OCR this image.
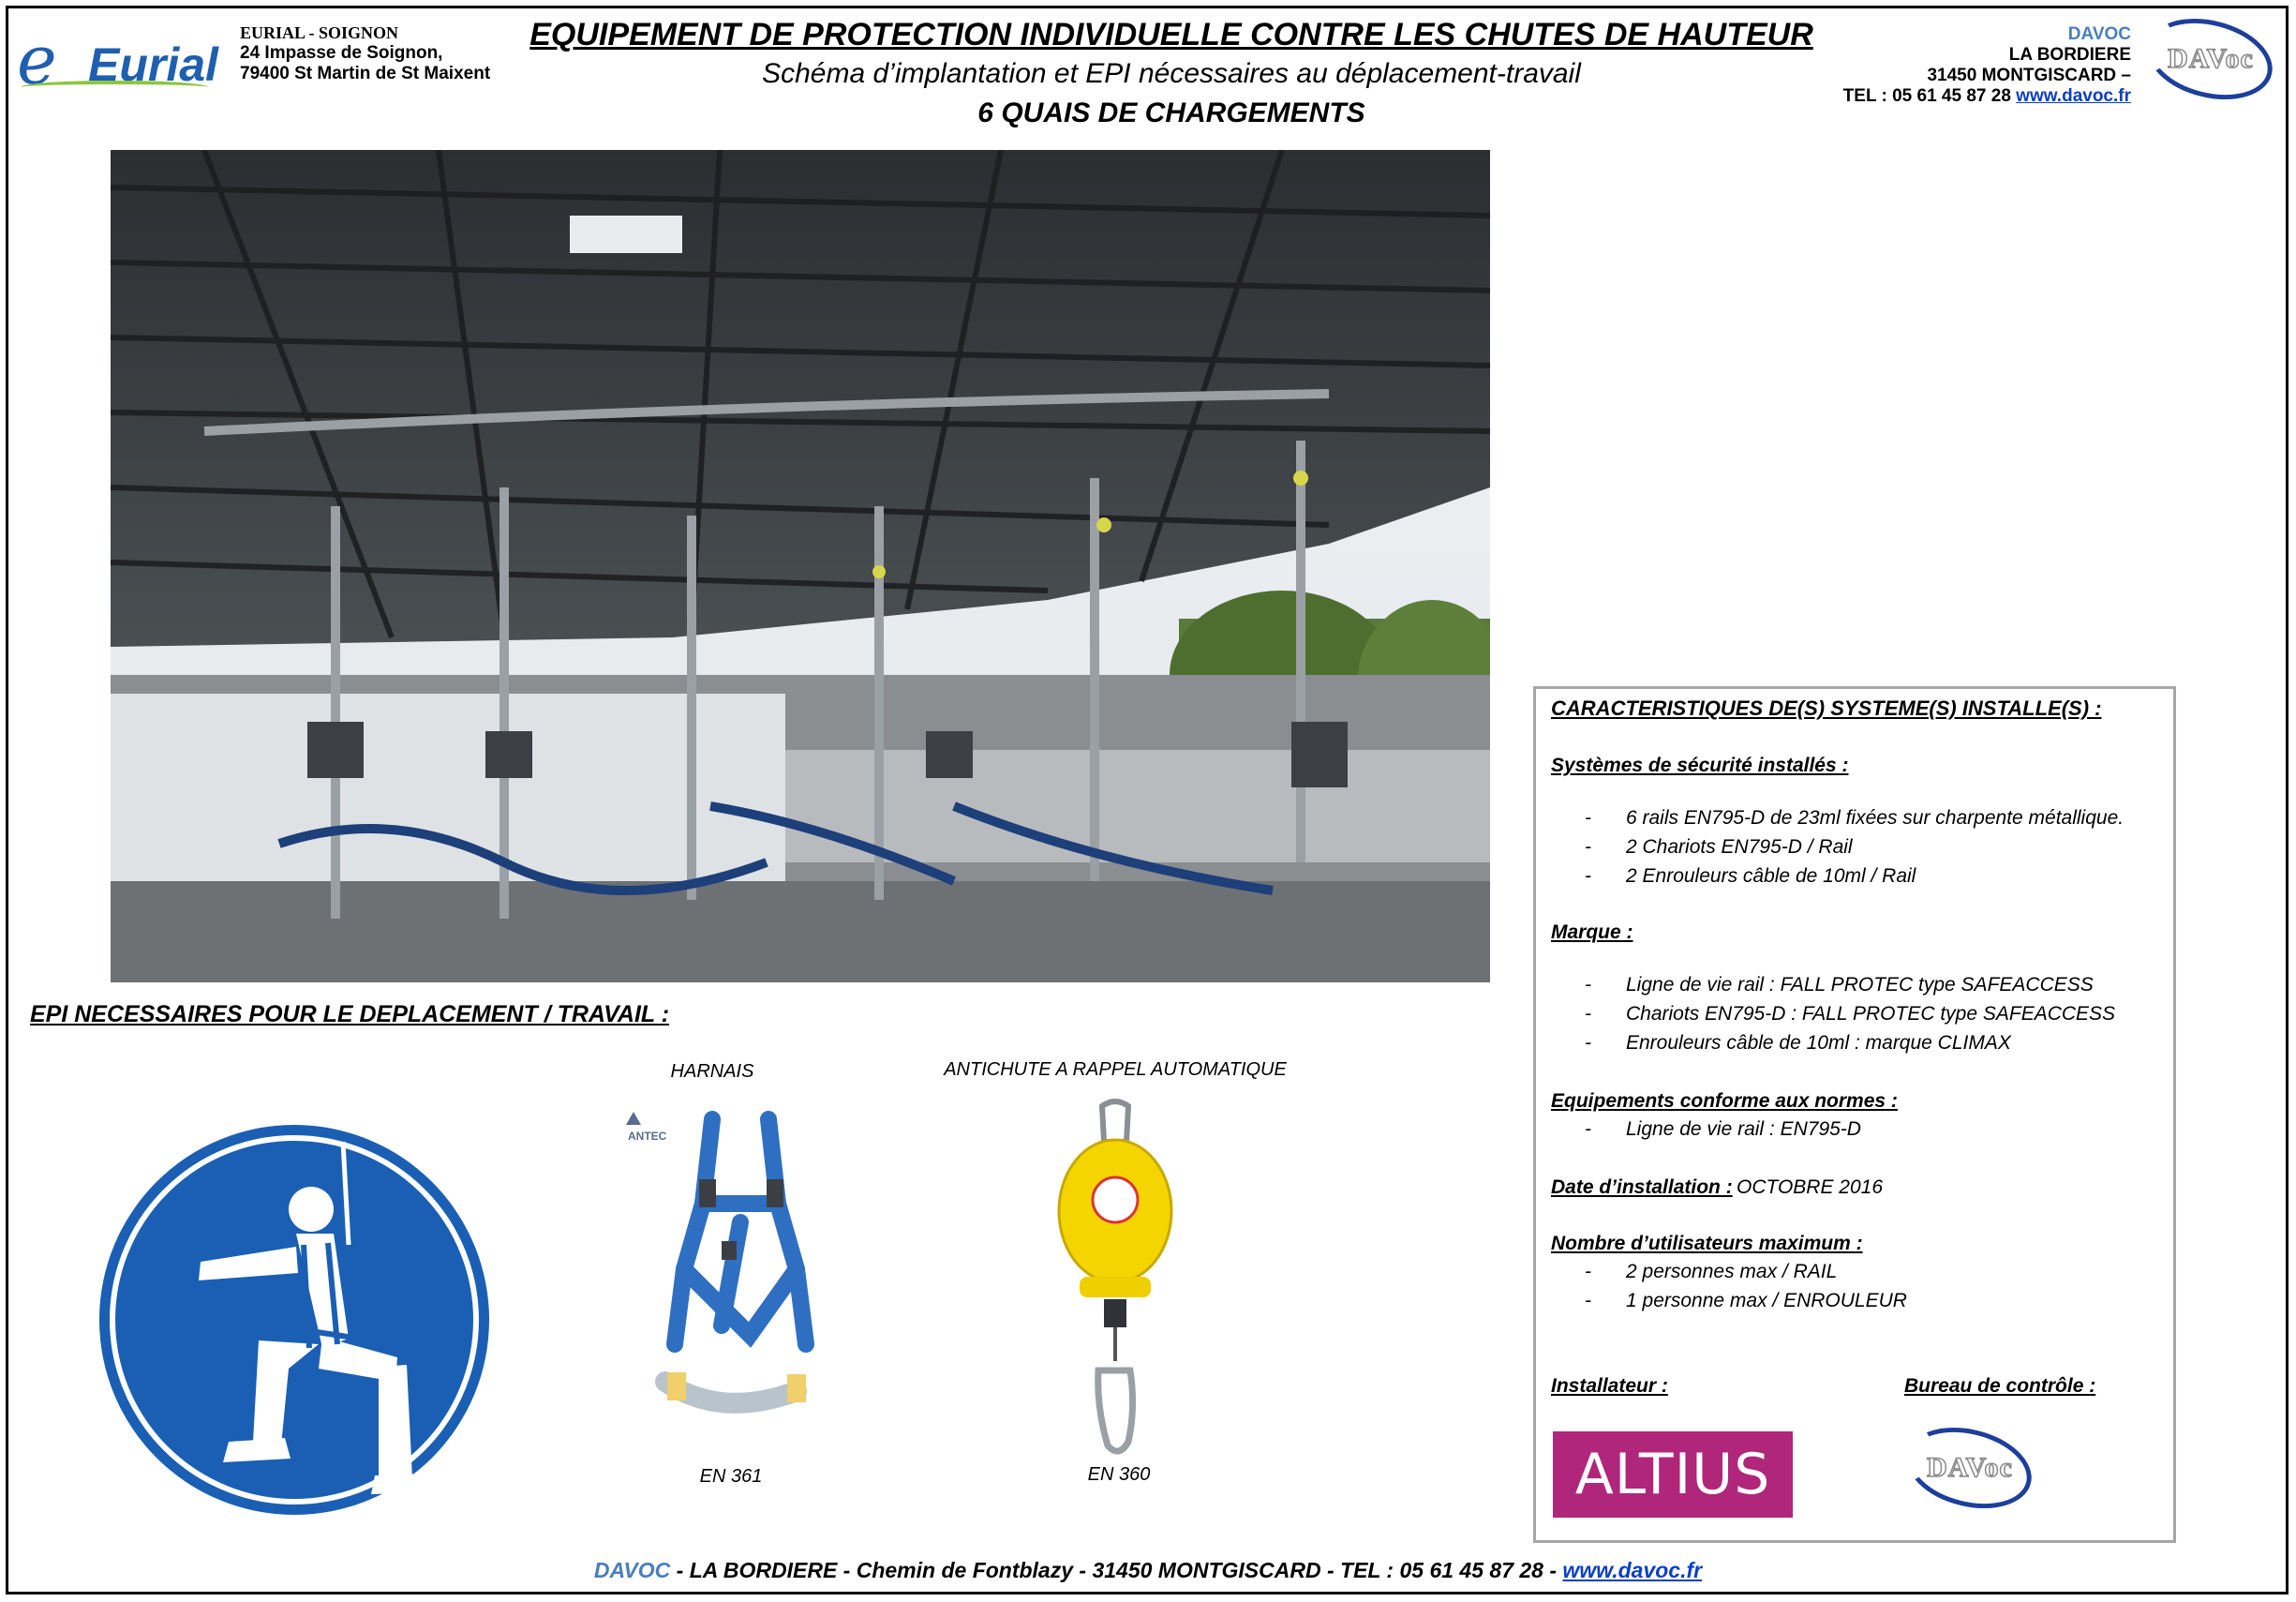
e Eurial
EURIAL - SOIGNON
24 Impasse de Soignon,
79400 St Martin de St Maixent
EQUIPEMENT DE PROTECTION INDIVIDUELLE CONTRE LES CHUTES DE HAUTEUR
Schéma d’implantation et EPI nécessaires au déplacement-travail
6 QUAIS DE CHARGEMENTS
DAVOC
LA BORDIERE
31450 MONTGISCARD –
TEL : 05 61 45 87 28 www.davoc.fr
DAVoc
EPI NECESSAIRES POUR LE DEPLACEMENT / TRAVAIL :
HARNAIS
ANTEC
EN 361
ANTICHUTE A RAPPEL AUTOMATIQUE
EN 360
CARACTERISTIQUES DE(S) SYSTEME(S) INSTALLE(S) :
Systèmes de sécurité installés :
- 6 rails EN795-D de 23ml fixées sur charpente métallique.
- 2 Chariots EN795-D / Rail
- 2 Enrouleurs câble de 10ml / Rail
Marque :
- Ligne de vie rail : FALL PROTEC type SAFEACCESS
- Chariots EN795-D : FALL PROTEC type SAFEACCESS
- Enrouleurs câble de 10ml : marque CLIMAX
Equipements conforme aux normes :
- Ligne de vie rail : EN795-D
Date d’installation : OCTOBRE 2016
Nombre d’utilisateurs maximum :
- 2 personnes max / RAIL
- 1 personne max / ENROULEUR
Installateur :	Bureau de contrôle :
ALTIUS	DAVoc
DAVOC - LA BORDIERE - Chemin de Fontblazy - 31450 MONTGISCARD - TEL : 05 61 45 87 28 - www.davoc.fr
